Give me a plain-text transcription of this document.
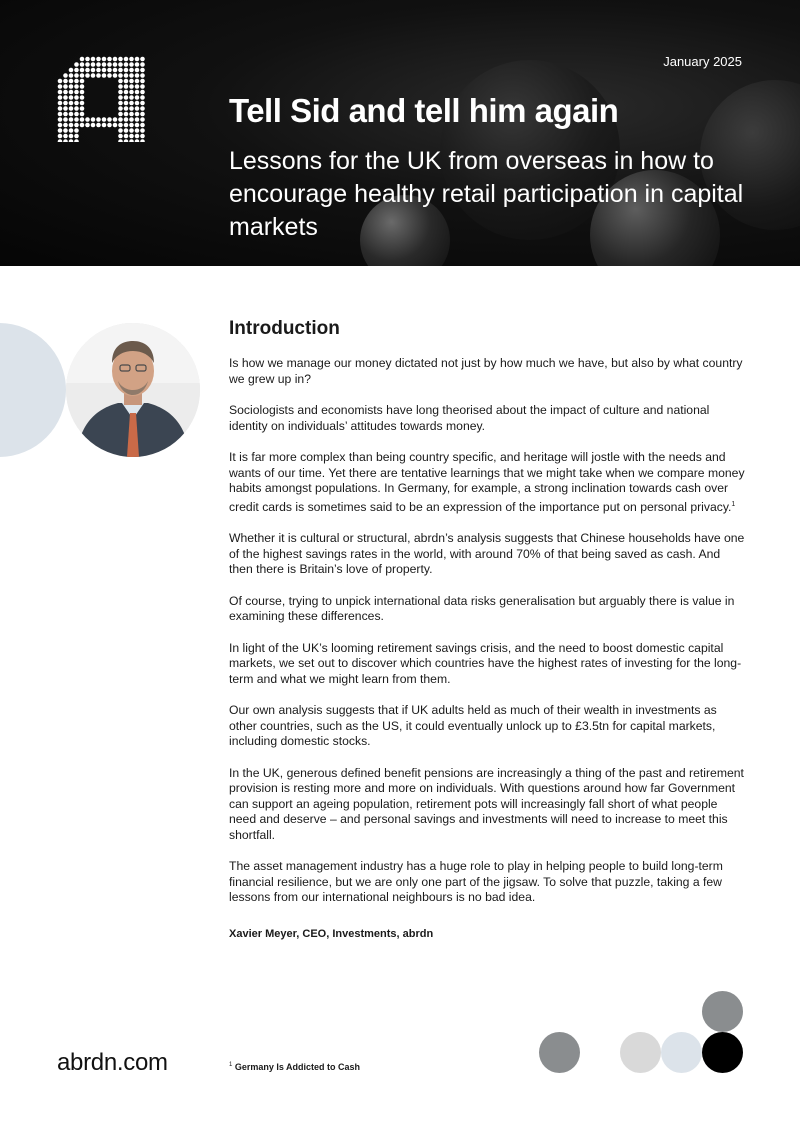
January 2025
Tell Sid and tell him again
Lessons for the UK from overseas in how to encourage healthy retail participation in capital markets
Introduction

Is how we manage our money dictated not just by how much we have, but also by what country we grew up in?

Sociologists and economists have long theorised about the impact of culture and national identity on individuals’ attitudes towards money.

It is far more complex than being country specific, and heritage will jostle with the needs and wants of our time. Yet there are tentative learnings that we might take when we compare money habits amongst populations. In Germany, for example, a strong inclination towards cash over credit cards is sometimes said to be an expression of the importance put on personal privacy.$^1$

Whether it is cultural or structural, abrdn’s analysis suggests that Chinese households have one of the highest savings rates in the world, with around 70% of that being saved as cash. And then there is Britain’s love of property.

Of course, trying to unpick international data risks generalisation but arguably there is value in examining these differences.

In light of the UK’s looming retirement savings crisis, and the need to boost domestic capital markets, we set out to discover which countries have the highest rates of investing for the long-term and what we might learn from them.

Our own analysis suggests that if UK adults held as much of their wealth in investments as other countries, such as the US, it could eventually unlock up to £3.5tn for capital markets, including domestic stocks.

In the UK, generous defined benefit pensions are increasingly a thing of the past and retirement provision is resting more and more on individuals. With questions around how far Government can support an ageing population, retirement pots will increasingly fall short of what people need and deserve – and personal savings and investments will need to increase to meet this shortfall.

The asset management industry has a huge role to play in helping people to build long-term financial resilience, but we are only one part of the jigsaw. To solve that puzzle, taking a few lessons from our international neighbours is no bad idea.

Xavier Meyer, CEO, Investments, abrdn

abrdn.com	$^1$ Germany Is Addicted to Cash
